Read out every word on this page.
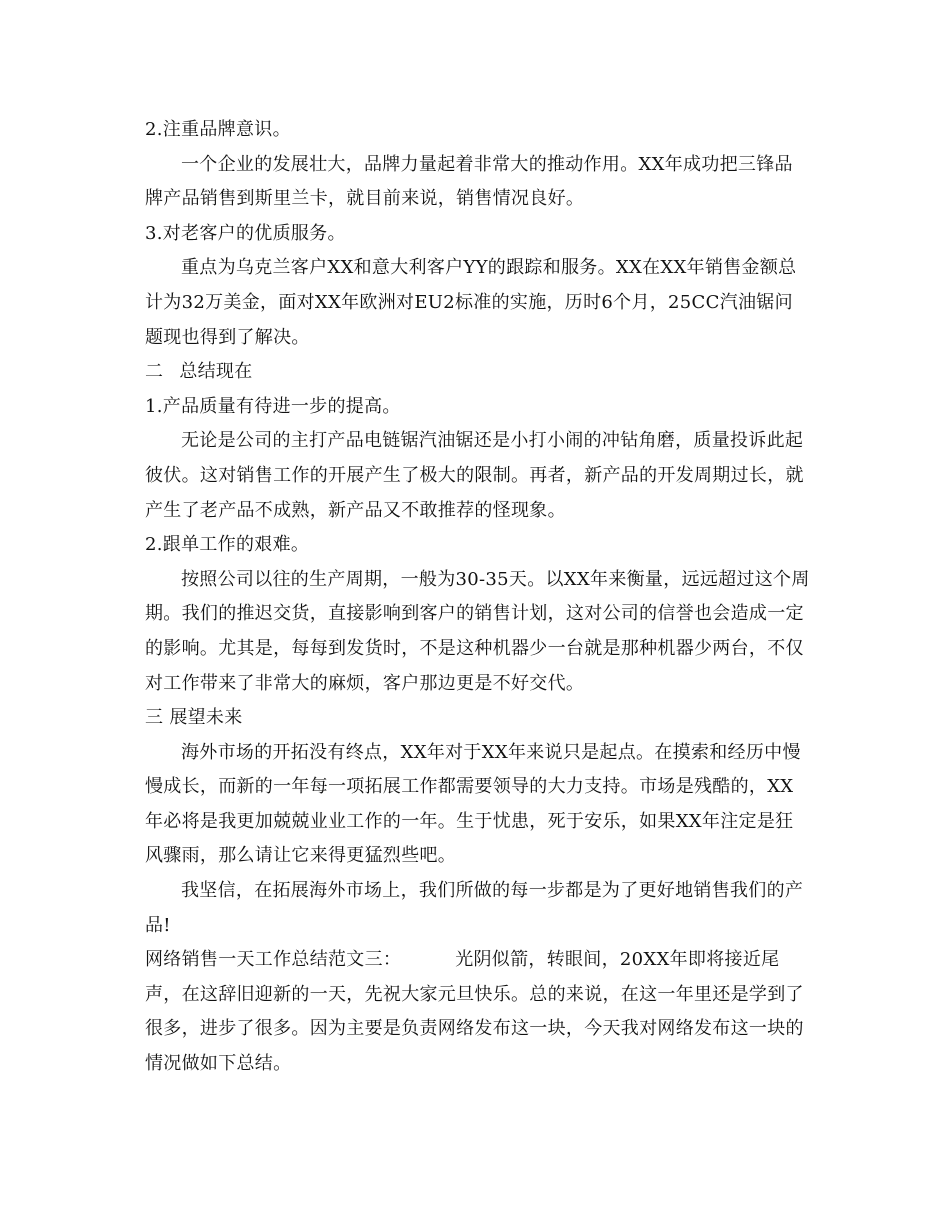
2.注重品牌意识。

一个企业的发展壮大，品牌力量起着非常大的推动作用。XX年成功把三锋品牌产品销售到斯里兰卡，就目前来说，销售情况良好。

3.对老客户的优质服务。

重点为乌克兰客户XX和意大利客户YY的跟踪和服务。XX在XX年销售金额总计为32万美金，面对XX年欧洲对EU2标准的实施，历时6个月，25CC汽油锯问题现也得到了解决。

二 总结现在

1.产品质量有待进一步的提高。

无论是公司的主打产品电链锯汽油锯还是小打小闹的冲钻角磨，质量投诉此起彼伏。这对销售工作的开展产生了极大的限制。再者，新产品的开发周期过长，就产生了老产品不成熟，新产品又不敢推荐的怪现象。

2.跟单工作的艰难。

按照公司以往的生产周期，一般为30-35天。以XX年来衡量，远远超过这个周期。我们的推迟交货，直接影响到客户的销售计划，这对公司的信誉也会造成一定的影响。尤其是，每每到发货时，不是这种机器少一台就是那种机器少两台，不仅对工作带来了非常大的麻烦，客户那边更是不好交代。

三 展望未来

海外市场的开拓没有终点，XX年对于XX年来说只是起点。在摸索和经历中慢慢成长，而新的一年每一项拓展工作都需要领导的大力支持。市场是残酷的，XX年必将是我更加兢兢业业工作的一年。生于忧患，死于安乐，如果XX年注定是狂风骤雨，那么请让它来得更猛烈些吧。

我坚信，在拓展海外市场上，我们所做的每一步都是为了更好地销售我们的产品!

网络销售一天工作总结范文三：	光阴似箭，转眼间，20XX年即将接近尾声，在这辞旧迎新的一天，先祝大家元旦快乐。总的来说，在这一年里还是学到了很多，进步了很多。因为主要是负责网络发布这一块，今天我对网络发布这一块的情况做如下总结。
